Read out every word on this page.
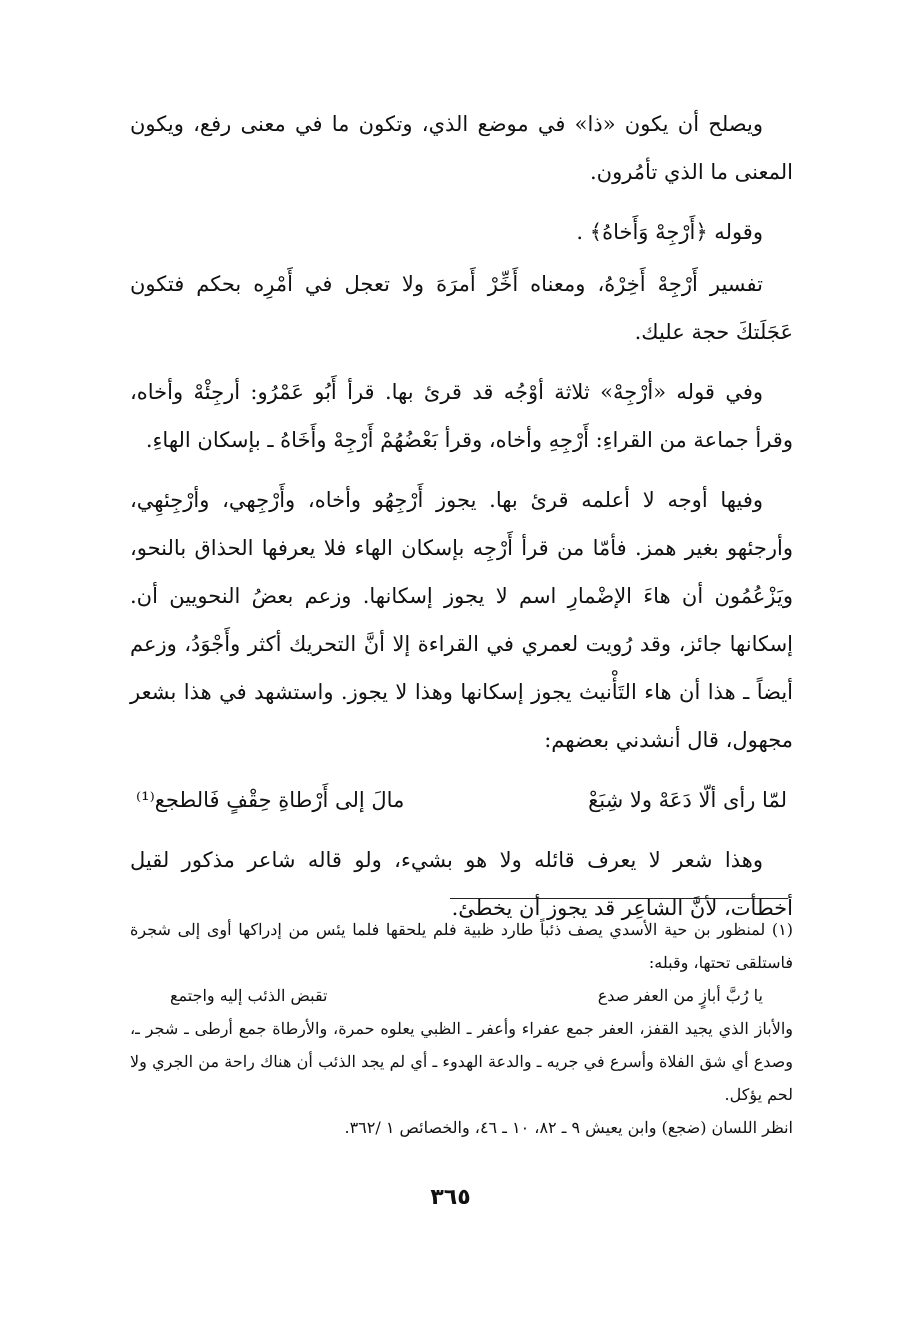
ويصلح أن يكون «ذا» في موضع الذي، وتكون ما في معنى رفع، ويكون المعنى ما الذي تأمُرون.

وقوله ﴿أَرْجِهْ وَأَخاهُ﴾ .

تفسير أَرْجِهْ أَخِرْهُ، ومعناه أَخِّرْ أَمرَهَ ولا تعجل في أَمْرِه بحكم فتكون عَجَلَتكَ حجة عليك.

وفي قوله «أرْجِهْ» ثلاثة أوْجُه قد قرئ بها. قرأ أَبُو عَمْرُو: أرجِئْهْ وأخاه، وقرأ جماعة من القراءِ: أَرْجِهِ وأخاه، وقرأ بَعْضُهُمْ أَرْجِهْ وأَخَاهُ ـ بإسكان الهاءِ.

وفيها أوجه لا أعلمه قرئ بها. يجوز أَرْجِهُو وأخاه، وأَرْجِهي، وأرْجِئهِي، وأرجئهو بغير همز. فأمّا من قرأ أَرْجِه بإسكان الهاء فلا يعرفها الحذاق بالنحو، ويَزْعُمُون أن هاءَ الإضْمارِ اسم لا يجوز إسكانها. وزعم بعضُ النحويين أن. إسكانها جائز، وقد رُويت لعمري في القراءة إلا أنَّ التحريك أكثر وأَجْوَدُ، وزعم أيضاً ـ هذا أن هاء التَأْنيث يجوز إسكانها وهذا لا يجوز. واستشهد في هذا بشعر مجهول، قال أنشدني بعضهم:

لمّا رأى ألّا دَعَهْ ولا شِبَعْ
مالَ إلى أَرْطاةِ حِقْفٍ فَالطجع⁽¹⁾

وهذا شعر لا يعرف قائله ولا هو بشيء، ولو قاله شاعر مذكور لقيل أخطأت، لأنَّ الشاعِر قد يجوز أن يخطئ.

(١) لمنظور بن حية الأسدي يصف ذئباً طارد ظبية فلم يلحقها فلما يئس من إدراكها أوى إلى شجرة فاستلقى تحتها، وقبله:

يا رُبَّ أبازٍ من العفر صدع
تقبض الذئب إليه واجتمع

والأباز الذي يجيد القفز، العفر جمع عفراء وأعفر ـ الظبي يعلوه حمرة، والأرطاة جمع أرطى ـ شجر ـ، وصدع أي شق الفلاة وأسرع في جريه ـ والدعة الهدوء ـ أي لم يجد الذئب أن هناك راحة من الجري ولا لحم يؤكل.

انظر اللسان (ضجع) وابن يعيش ٩ ـ ٨٢، ١٠ ـ ٤٦، والخصائص ١ /٣٦٢.

٣٦٥
